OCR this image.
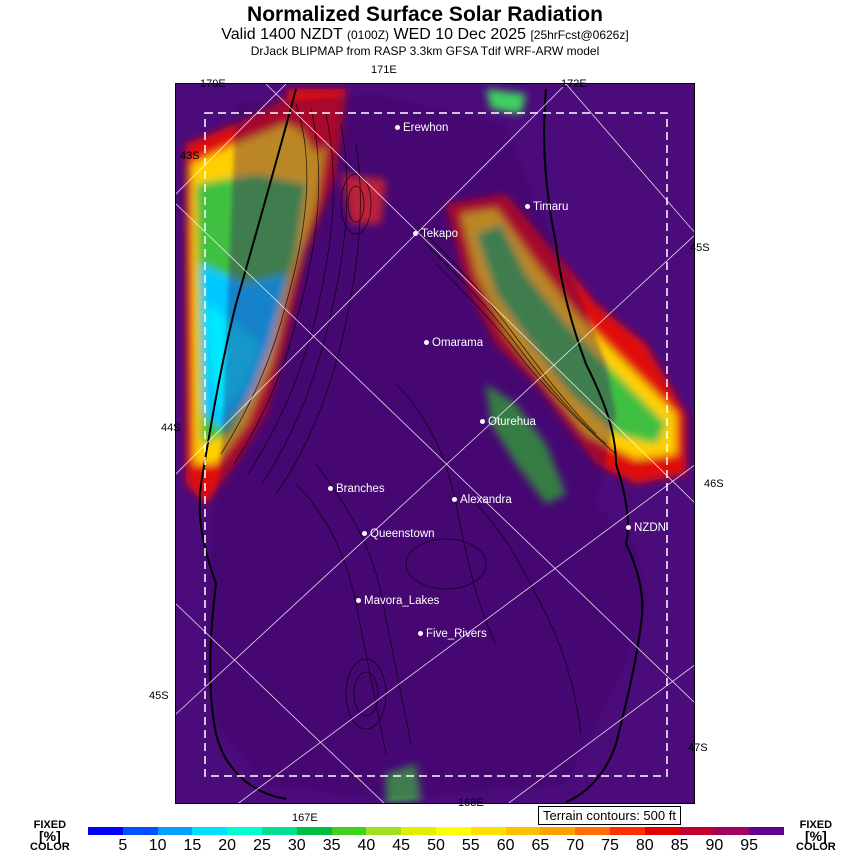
Normalized Surface Solar Radiation
Valid 1400 NZDT (0100Z) WED 10 Dec 2025 [25hrFcst@0626z]
DrJack BLIPMAP from RASP 3.3km GFSA Tdif WRF-ARW model
171E
Erewhon
Timaru
Tekapo
Omarama
Oturehua
Branches
Alexandra
NZDN
Queenstown
Mavora_Lakes
Five_Rivers
170E	172E
43S
45S
44S
46S
45S
47S
168E
167E	Terrain contours: 500 ft
FIXED
[%]
COLOR
FIXED
[%]
COLOR
5	10	15	20	25	30	35	40	45	50	55	60	65	70	75	80	85	90	95
